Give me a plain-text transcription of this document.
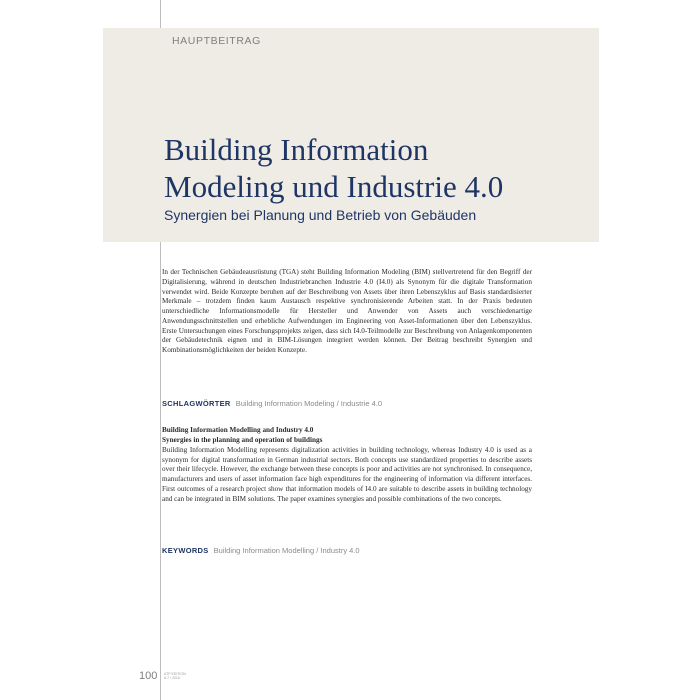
HAUPTBEITRAG
Building Information
Modeling und Industrie 4.0
Synergien bei Planung und Betrieb von Gebäuden

In der Technischen Gebäudeausrüstung (TGA) steht Building Information Modeling (BIM) stellvertretend für den Begriff der Digitalisierung, während in deutschen Industriebranchen Industrie 4.0 (I4.0) als Synonym für die digitale Transformation verwendet wird. Beide Konzepte beruhen auf der Beschreibung von Assets über ihren Lebenszyklus auf Basis standardisierter Merkmale – trotzdem finden kaum Austausch respektive synchronisierende Arbeiten statt. In der Praxis bedeuten unterschiedliche Informationsmodelle für Hersteller und Anwender von Assets auch verschiedenartige Anwendungsschnittstellen und erhebliche Aufwendungen im Engineering von Asset-Informationen über den Lebenszyklus. Erste Untersuchungen eines Forschungsprojekts zeigen, dass sich I4.0-Teilmodelle zur Beschreibung von Anlagenkomponenten der Gebäudetechnik eignen und in BIM-Lösungen integriert werden können. Der Beitrag beschreibt Synergien und Kombinationsmöglichkeiten der beiden Konzepte.

SCHLAGWÖRTER Building Information Modeling / Industrie 4.0
Building Information Modelling and Industry 4.0
Synergies in the planning and operation of buildings

Building Information Modelling represents digitalization activities in building technology, whereas Industry 4.0 is used as a synonym for digital transformation in German industrial sectors. Both concepts use standardized properties to describe assets over their lifecycle. However, the exchange between these concepts is poor and activities are not synchronised. In consequence, manufacturers and users of asset information face high expenditures for the engineering of information via different interfaces. First outcomes of a research project show that information models of I4.0 are suitable to describe assets in building technology and can be integrated in BIM solutions. The paper examines synergies and possible combinations of the two concepts.

KEYWORDS Building Information Modelling / Industry 4.0
100 ATP EDITION
6-7 / 2016
